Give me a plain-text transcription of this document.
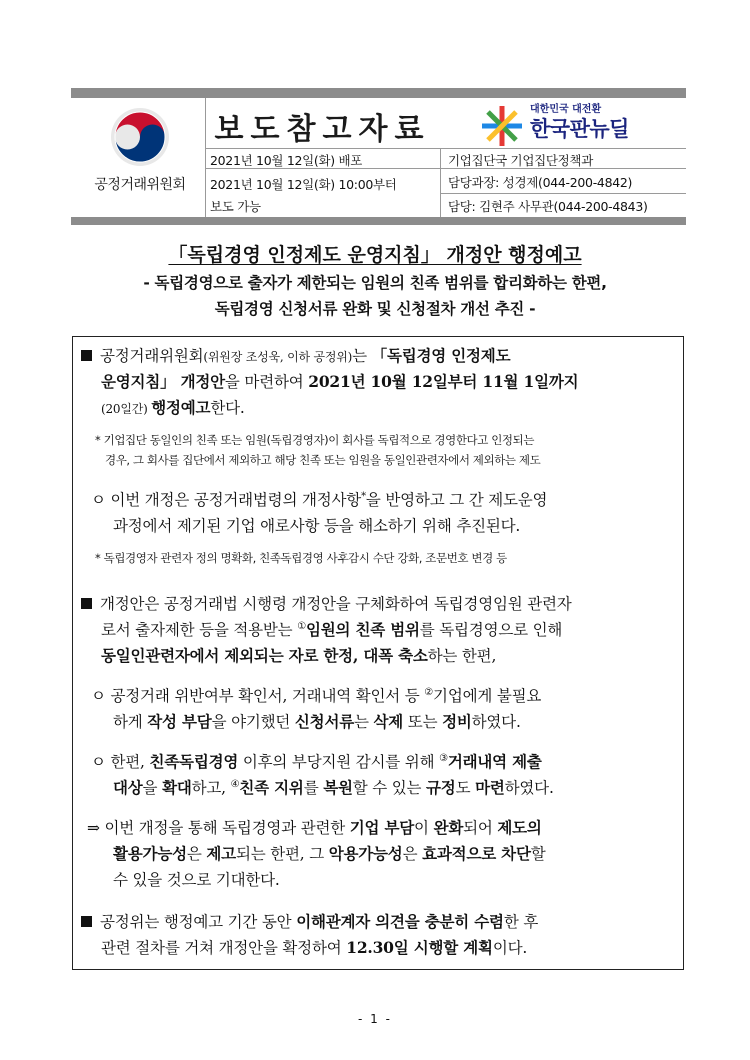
공정거래위원회
보도참고자료
대한민국 대전환
한국판뉴딜
2021년 10월 12일(화) 배포	기업집단국 기업집단정책과
2021년 10월 12일(화) 10:00부터
보도 가능
담당과장: 성경제(044-200-4842)
담당: 김현주 사무관(044-200-4843)
「독립경영 인정제도 운영지침」 개정안 행정예고
- 독립경영으로 출자가 제한되는 임원의 친족 범위를 합리화하는 한편,
독립경영 신청서류 완화 및 신청절차 개선 추진 -
공정거래위원회(위원장 조성욱, 이하 공정위)는 「독립경영 인정제도
운영지침」 개정안을 마련하여 2021년 10월 12일부터 11월 1일까지
(20일간) 행정예고한다.
* 기업집단 동일인의 친족 또는 임원(독립경영자)이 회사를 독립적으로 경영한다고 인정되는
경우, 그 회사를 집단에서 제외하고 해당 친족 또는 임원을 동일인관련자에서 제외하는 제도
ㅇ 이번 개정은 공정거래법령의 개정사항*을 반영하고 그 간 제도운영
과정에서 제기된 기업 애로사항 등을 해소하기 위해 추진된다.
* 독립경영자 관련자 정의 명확화, 친족독립경영 사후감시 수단 강화, 조문번호 변경 등
개정안은 공정거래법 시행령 개정안을 구체화하여 독립경영임원 관련자
로서 출자제한 등을 적용받는 ①임원의 친족 범위를 독립경영으로 인해
동일인관련자에서 제외되는 자로 한정, 대폭 축소하는 한편,
ㅇ 공정거래 위반여부 확인서, 거래내역 확인서 등 ②기업에게 불필요
하게 작성 부담을 야기했던 신청서류는 삭제 또는 정비하였다.
ㅇ 한편, 친족독립경영 이후의 부당지원 감시를 위해 ③거래내역 제출
대상을 확대하고, ④친족 지위를 복원할 수 있는 규정도 마련하였다.
⇒ 이번 개정을 통해 독립경영과 관련한 기업 부담이 완화되어 제도의
활용가능성은 제고되는 한편, 그 악용가능성은 효과적으로 차단할
수 있을 것으로 기대한다.
공정위는 행정예고 기간 동안 이해관계자 의견을 충분히 수렴한 후
관련 절차를 거쳐 개정안을 확정하여 12.30일 시행할 계획이다.
- 1 -
